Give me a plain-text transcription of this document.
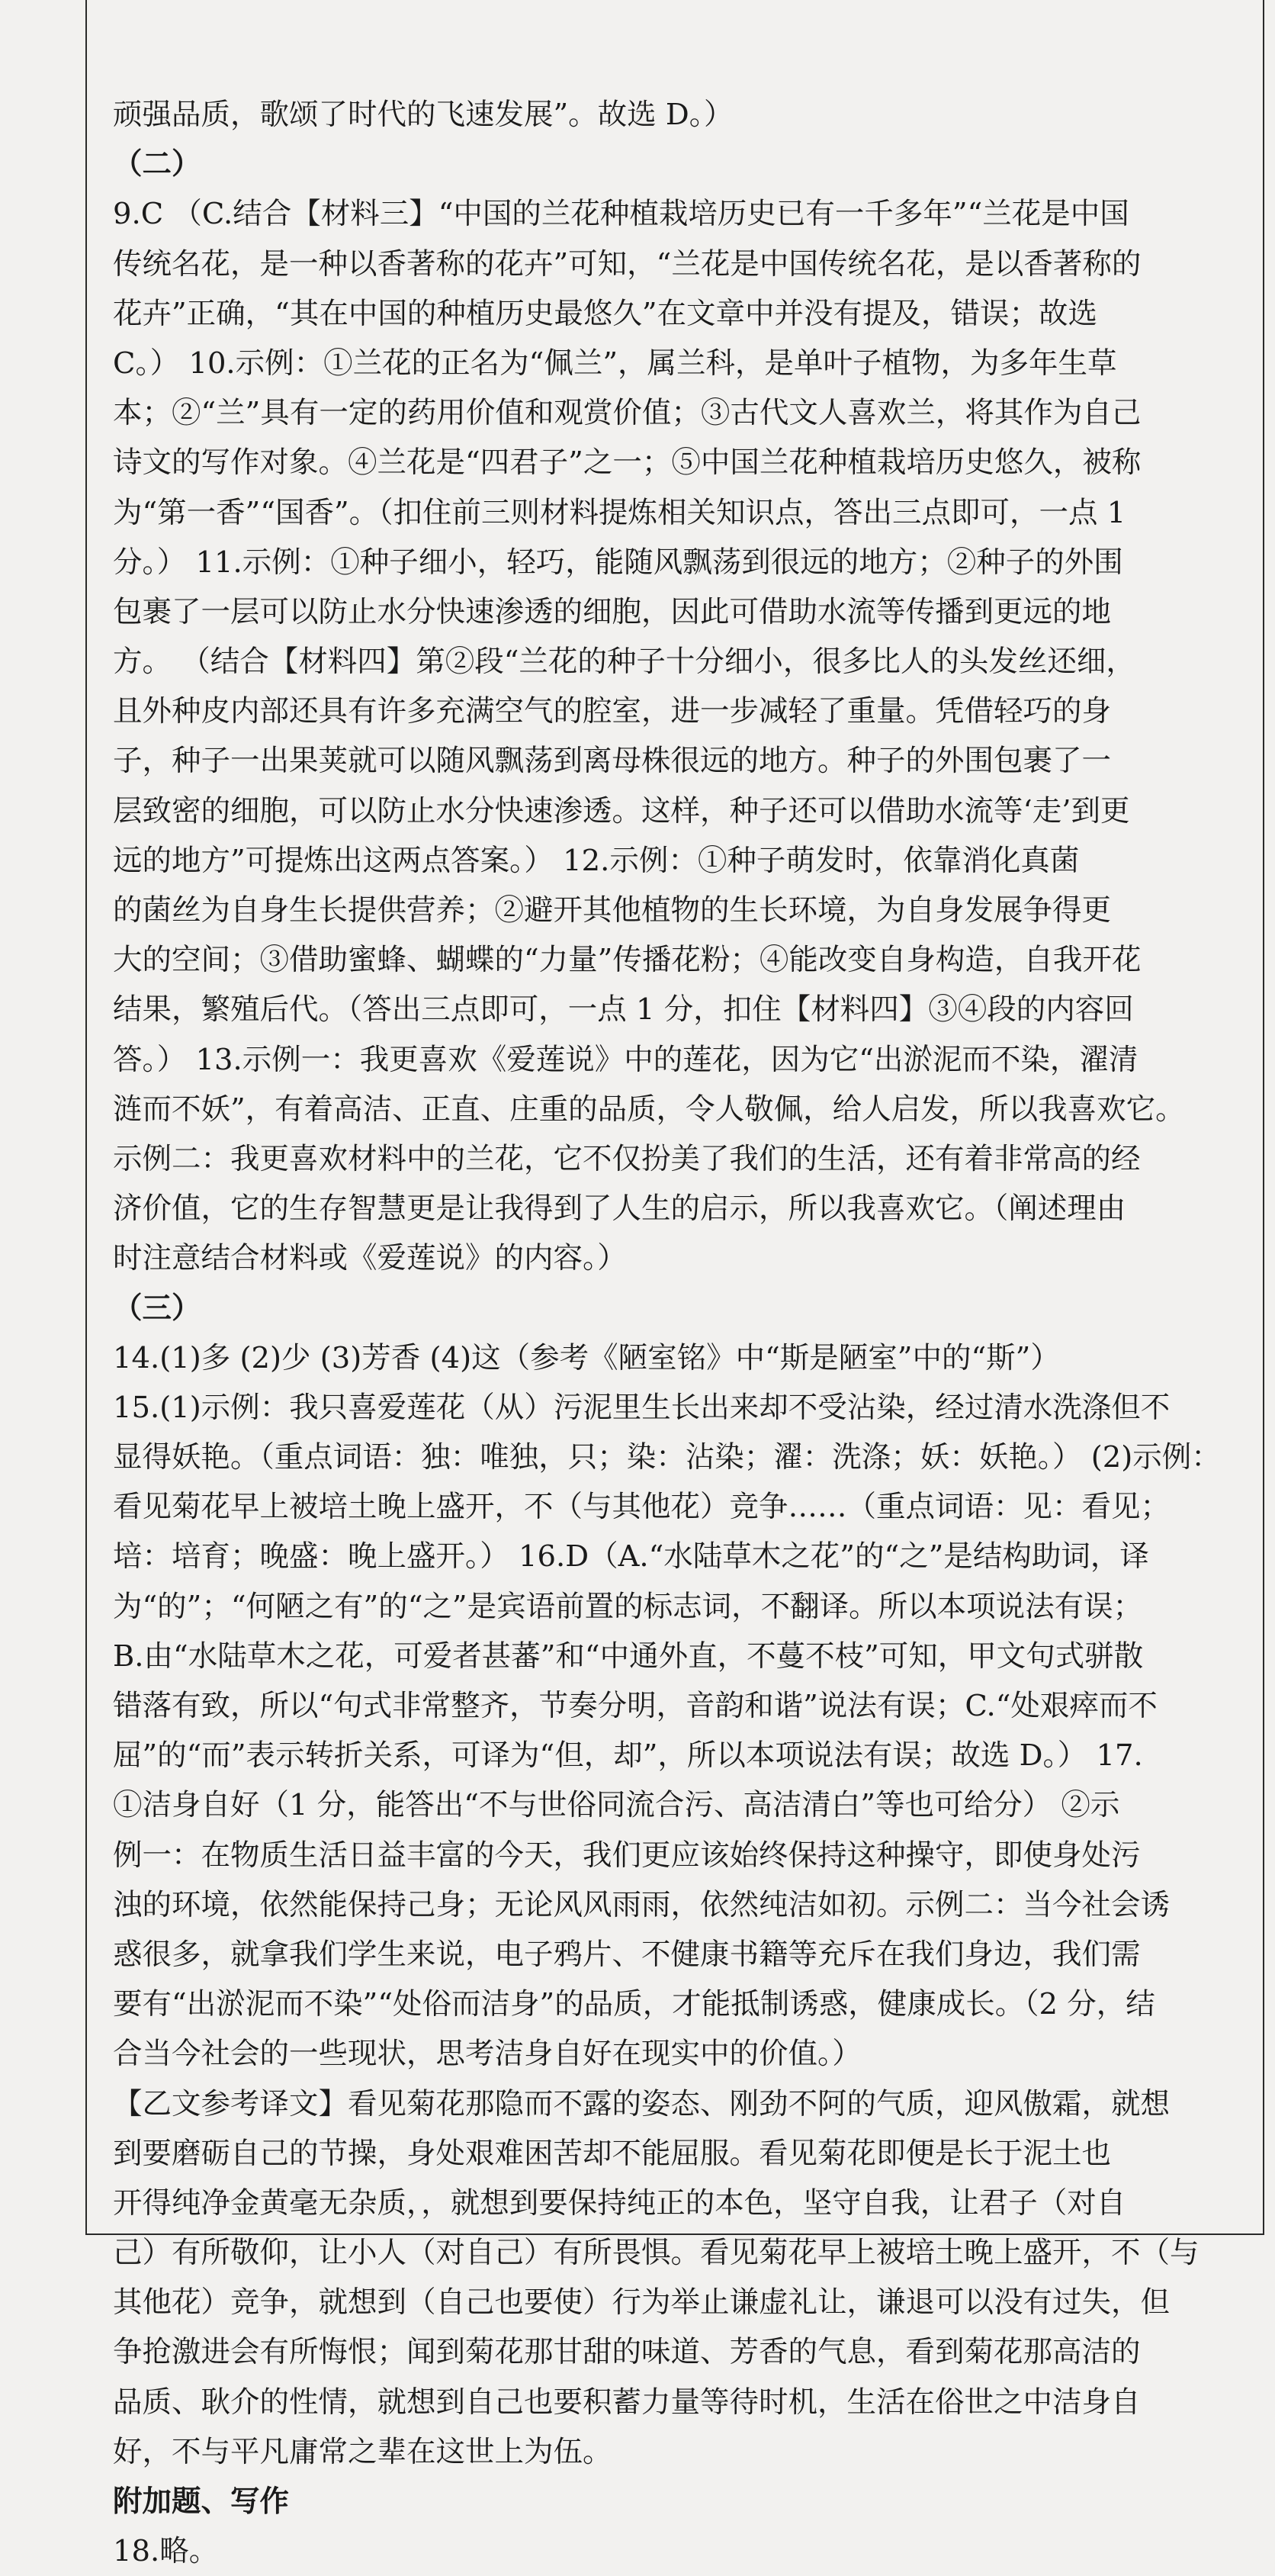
顽强品质，歌颂了时代的飞速发展”。故选 D。）
（二）
9.C （C.结合【材料三】“中国的兰花种植栽培历史已有一千多年”“兰花是中国
传统名花，是一种以香著称的花卉”可知，“兰花是中国传统名花，是以香著称的
花卉”正确，“其在中国的种植历史最悠久”在文章中并没有提及，错误；故选
C。） 10.示例：①兰花的正名为“佩兰”，属兰科，是单叶子植物，为多年生草
本；②“兰”具有一定的药用价值和观赏价值；③古代文人喜欢兰，将其作为自己
诗文的写作对象。④兰花是“四君子”之一；⑤中国兰花种植栽培历史悠久，被称
为“第一香”“国香”。（扣住前三则材料提炼相关知识点，答出三点即可，一点 1
分。） 11.示例：①种子细小，轻巧，能随风飘荡到很远的地方；②种子的外围
包裹了一层可以防止水分快速渗透的细胞，因此可借助水流等传播到更远的地
方。 （结合【材料四】第②段“兰花的种子十分细小，很多比人的头发丝还细，
且外种皮内部还具有许多充满空气的腔室，进一步减轻了重量。凭借轻巧的身
子，种子一出果荚就可以随风飘荡到离母株很远的地方。种子的外围包裹了一
层致密的细胞，可以防止水分快速渗透。这样，种子还可以借助水流等‘走’到更
远的地方”可提炼出这两点答案。） 12.示例：①种子萌发时，依靠消化真菌
的菌丝为自身生长提供营养；②避开其他植物的生长环境，为自身发展争得更
大的空间；③借助蜜蜂、蝴蝶的“力量”传播花粉；④能改变自身构造，自我开花
结果，繁殖后代。（答出三点即可，一点 1 分，扣住【材料四】③④段的内容回
答。） 13.示例一：我更喜欢《爱莲说》中的莲花，因为它“出淤泥而不染，濯清
涟而不妖”，有着高洁、正直、庄重的品质，令人敬佩，给人启发，所以我喜欢它。
示例二：我更喜欢材料中的兰花，它不仅扮美了我们的生活，还有着非常高的经
济价值，它的生存智慧更是让我得到了人生的启示，所以我喜欢它。（阐述理由
时注意结合材料或《爱莲说》的内容。）
（三）
14.(1)多 (2)少 (3)芳香 (4)这（参考《陋室铭》中“斯是陋室”中的“斯”）
15.(1)示例：我只喜爱莲花（从）污泥里生长出来却不受沾染，经过清水洗涤但不
显得妖艳。（重点词语：独：唯独，只；染：沾染；濯：洗涤；妖：妖艳。） (2)示例：
看见菊花早上被培土晚上盛开，不（与其他花）竞争……（重点词语：见：看见；
培：培育；晚盛：晚上盛开。） 16.D（A.“水陆草木之花”的“之”是结构助词，译
为“的”；“何陋之有”的“之”是宾语前置的标志词，不翻译。所以本项说法有误；
B.由“水陆草木之花，可爱者甚蕃”和“中通外直，不蔓不枝”可知，甲文句式骈散
错落有致，所以“句式非常整齐，节奏分明，音韵和谐”说法有误；C.“处艰瘁而不
屈”的“而”表示转折关系，可译为“但，却”，所以本项说法有误；故选 D。） 17.
①洁身自好（1 分，能答出“不与世俗同流合污、高洁清白”等也可给分） ②示
例一：在物质生活日益丰富的今天，我们更应该始终保持这种操守，即使身处污
浊的环境，依然能保持己身；无论风风雨雨，依然纯洁如初。示例二：当今社会诱
惑很多，就拿我们学生来说，电子鸦片、不健康书籍等充斥在我们身边，我们需
要有“出淤泥而不染”“处俗而洁身”的品质，才能抵制诱惑，健康成长。（2 分，结
合当今社会的一些现状，思考洁身自好在现实中的价值。）
【乙文参考译文】看见菊花那隐而不露的姿态、刚劲不阿的气质，迎风傲霜，就想
到要磨砺自己的节操，身处艰难困苦却不能屈服。看见菊花即便是长于泥土也
开得纯净金黄毫无杂质，，就想到要保持纯正的本色，坚守自我，让君子（对自
己）有所敬仰，让小人（对自己）有所畏惧。看见菊花早上被培土晚上盛开，不（与
其他花）竞争，就想到（自己也要使）行为举止谦虚礼让，谦退可以没有过失，但
争抢激进会有所悔恨；闻到菊花那甘甜的味道、芳香的气息，看到菊花那高洁的
品质、耿介的性情，就想到自己也要积蓄力量等待时机，生活在俗世之中洁身自
好，不与平凡庸常之辈在这世上为伍。
附加题、写作
18.略。
